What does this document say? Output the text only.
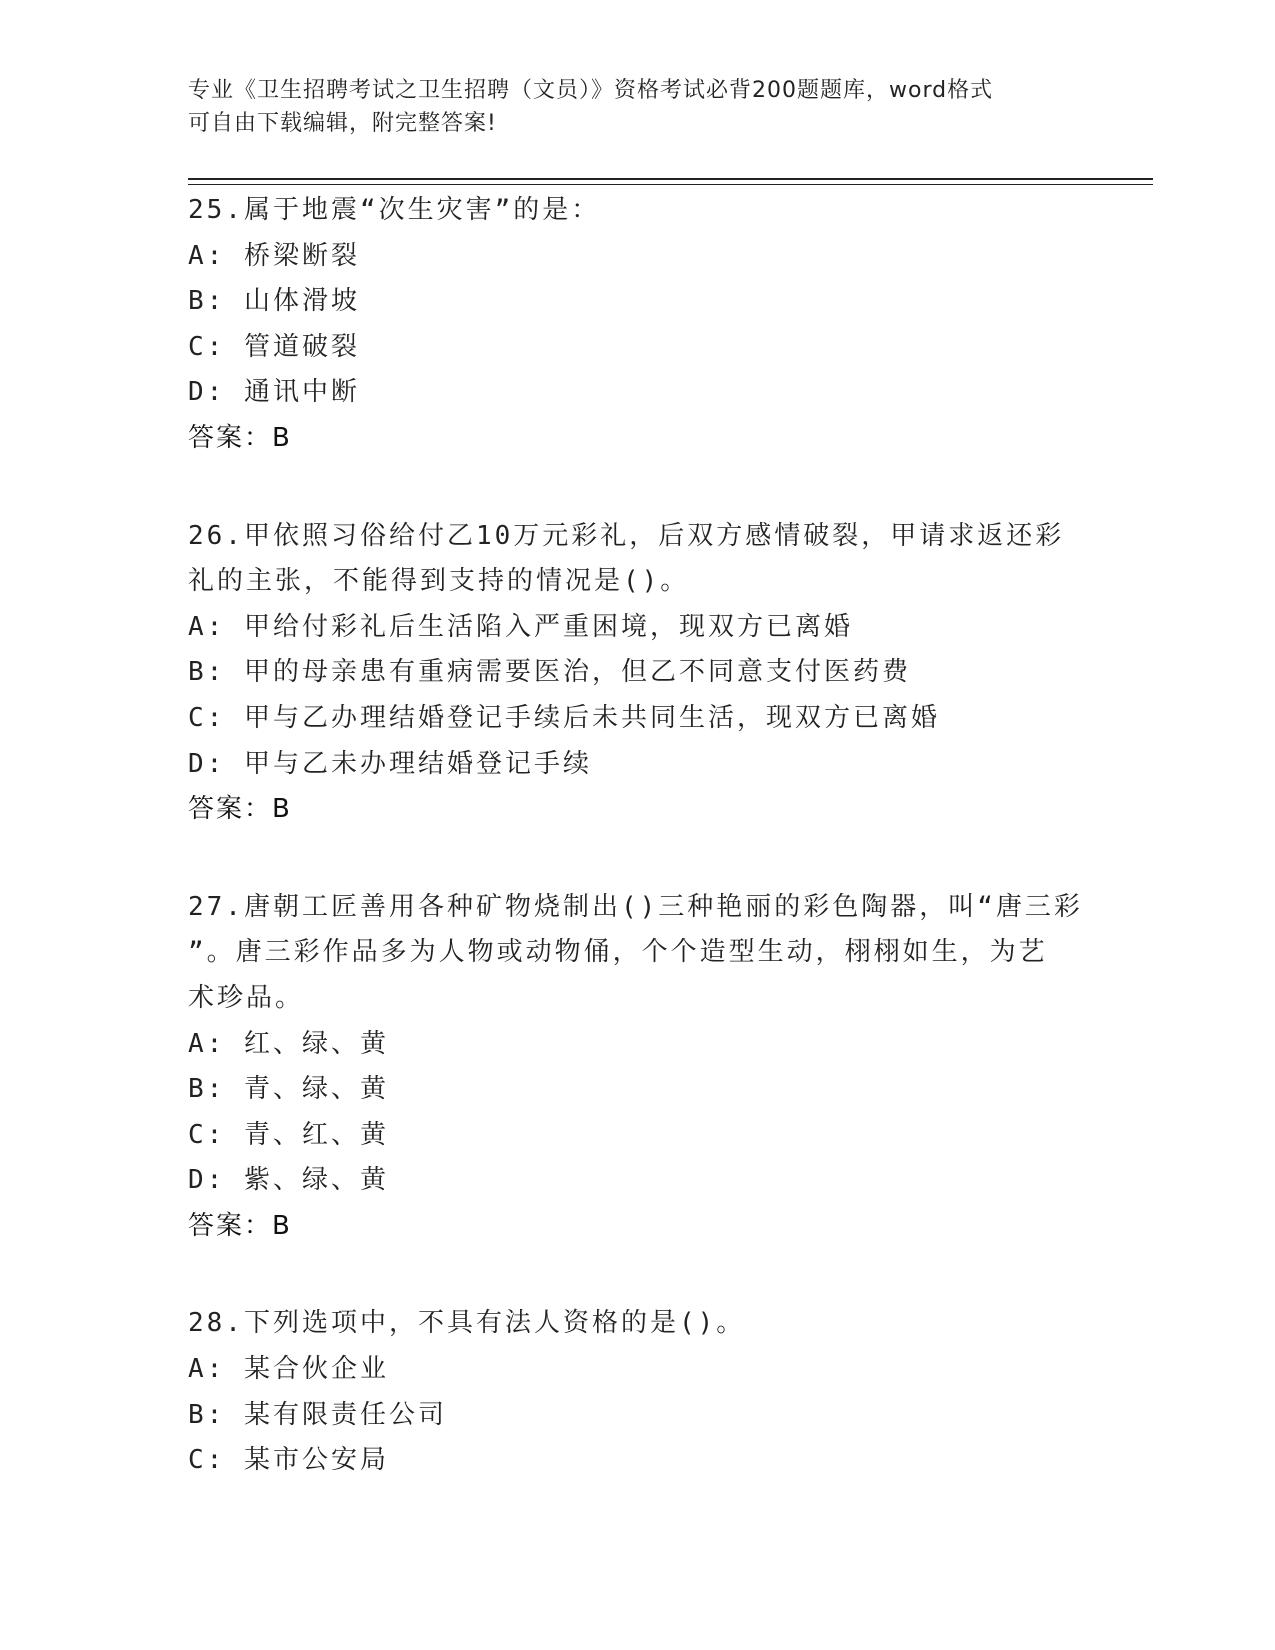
专业《卫生招聘考试之卫生招聘（文员）》资格考试必背200题题库，word格式

可自由下载编辑，附完整答案!

25.属于地震“次生灾害”的是：

A: 桥梁断裂

B: 山体滑坡

C: 管道破裂

D: 通讯中断

答案：B

26.甲依照习俗给付乙10万元彩礼，后双方感情破裂，甲请求返还彩

礼的主张，不能得到支持的情况是()。

A: 甲给付彩礼后生活陷入严重困境，现双方已离婚

B: 甲的母亲患有重病需要医治，但乙不同意支付医药费

C: 甲与乙办理结婚登记手续后未共同生活，现双方已离婚

D: 甲与乙未办理结婚登记手续

答案：B

27.唐朝工匠善用各种矿物烧制出()三种艳丽的彩色陶器，叫“唐三彩

”。唐三彩作品多为人物或动物俑，个个造型生动，栩栩如生，为艺

术珍品。

A: 红、绿、黄

B: 青、绿、黄

C: 青、红、黄

D: 紫、绿、黄

答案：B

28.下列选项中，不具有法人资格的是()。

A: 某合伙企业

B: 某有限责任公司

C: 某市公安局
